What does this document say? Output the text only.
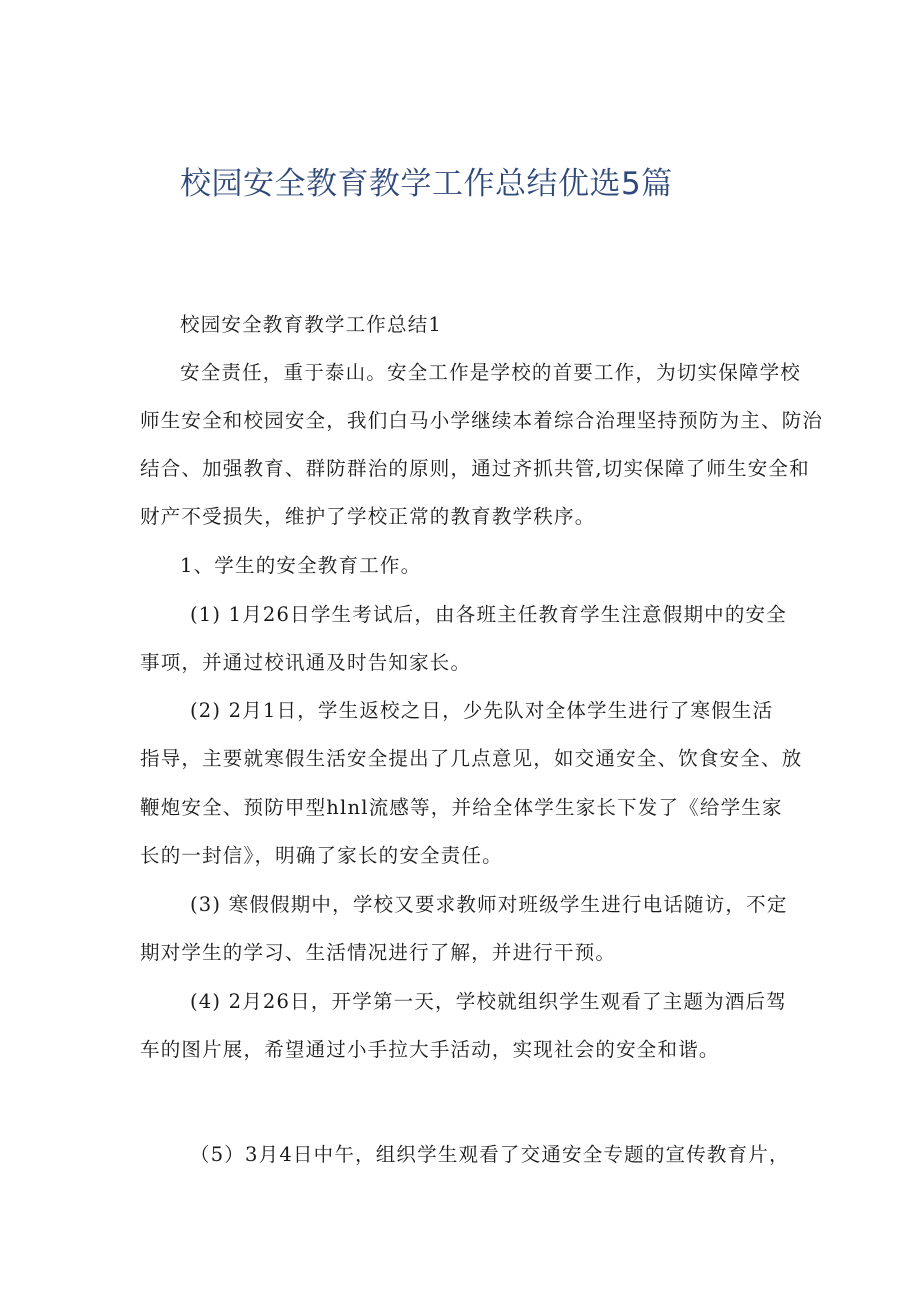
校园安全教育教学工作总结优选5篇
校园安全教育教学工作总结1
安全责任，重于泰山。安全工作是学校的首要工作，为切实保障学校
师生安全和校园安全，我们白马小学继续本着综合治理坚持预防为主、防治
结合、加强教育、群防群治的原则，通过齐抓共管,切实保障了师生安全和
财产不受损失，维护了学校正常的教育教学秩序。
1、学生的安全教育工作。
(1) 1月26日学生考试后，由各班主任教育学生注意假期中的安全
事项，并通过校讯通及时告知家长。
(2) 2月1日，学生返校之日，少先队对全体学生进行了寒假生活
指导，主要就寒假生活安全提出了几点意见，如交通安全、饮食安全、放
鞭炮安全、预防甲型hlnl流感等，并给全体学生家长下发了《给学生家
长的一封信》，明确了家长的安全责任。
(3) 寒假假期中，学校又要求教师对班级学生进行电话随访，不定
期对学生的学习、生活情况进行了解，并进行干预。
(4) 2月26日，开学第一天，学校就组织学生观看了主题为酒后驾
车的图片展，希望通过小手拉大手活动，实现社会的安全和谐。
（5）3月4日中午，组织学生观看了交通安全专题的宣传教育片，
